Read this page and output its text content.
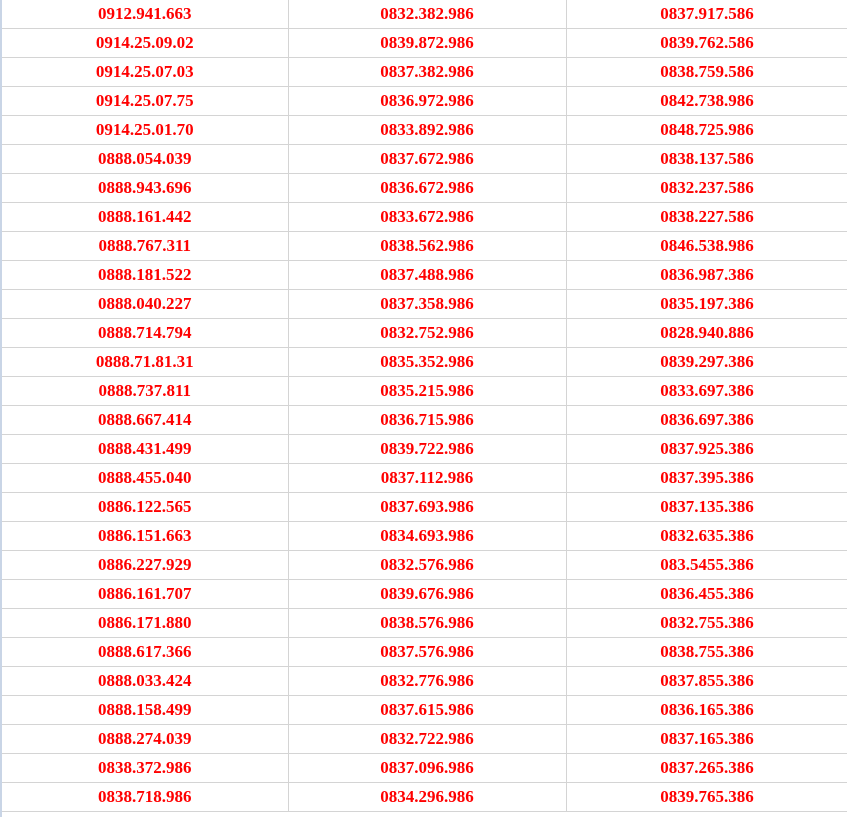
0912.941.663	0832.382.986	0837.917.586
0914.25.09.02	0839.872.986	0839.762.586
0914.25.07.03	0837.382.986	0838.759.586
0914.25.07.75	0836.972.986	0842.738.986
0914.25.01.70	0833.892.986	0848.725.986
0888.054.039	0837.672.986	0838.137.586
0888.943.696	0836.672.986	0832.237.586
0888.161.442	0833.672.986	0838.227.586
0888.767.311	0838.562.986	0846.538.986
0888.181.522	0837.488.986	0836.987.386
0888.040.227	0837.358.986	0835.197.386
0888.714.794	0832.752.986	0828.940.886
0888.71.81.31	0835.352.986	0839.297.386
0888.737.811	0835.215.986	0833.697.386
0888.667.414	0836.715.986	0836.697.386
0888.431.499	0839.722.986	0837.925.386
0888.455.040	0837.112.986	0837.395.386
0886.122.565	0837.693.986	0837.135.386
0886.151.663	0834.693.986	0832.635.386
0886.227.929	0832.576.986	083.5455.386
0886.161.707	0839.676.986	0836.455.386
0886.171.880	0838.576.986	0832.755.386
0888.617.366	0837.576.986	0838.755.386
0888.033.424	0832.776.986	0837.855.386
0888.158.499	0837.615.986	0836.165.386
0888.274.039	0832.722.986	0837.165.386
0838.372.986	0837.096.986	0837.265.386
0838.718.986	0834.296.986	0839.765.386
